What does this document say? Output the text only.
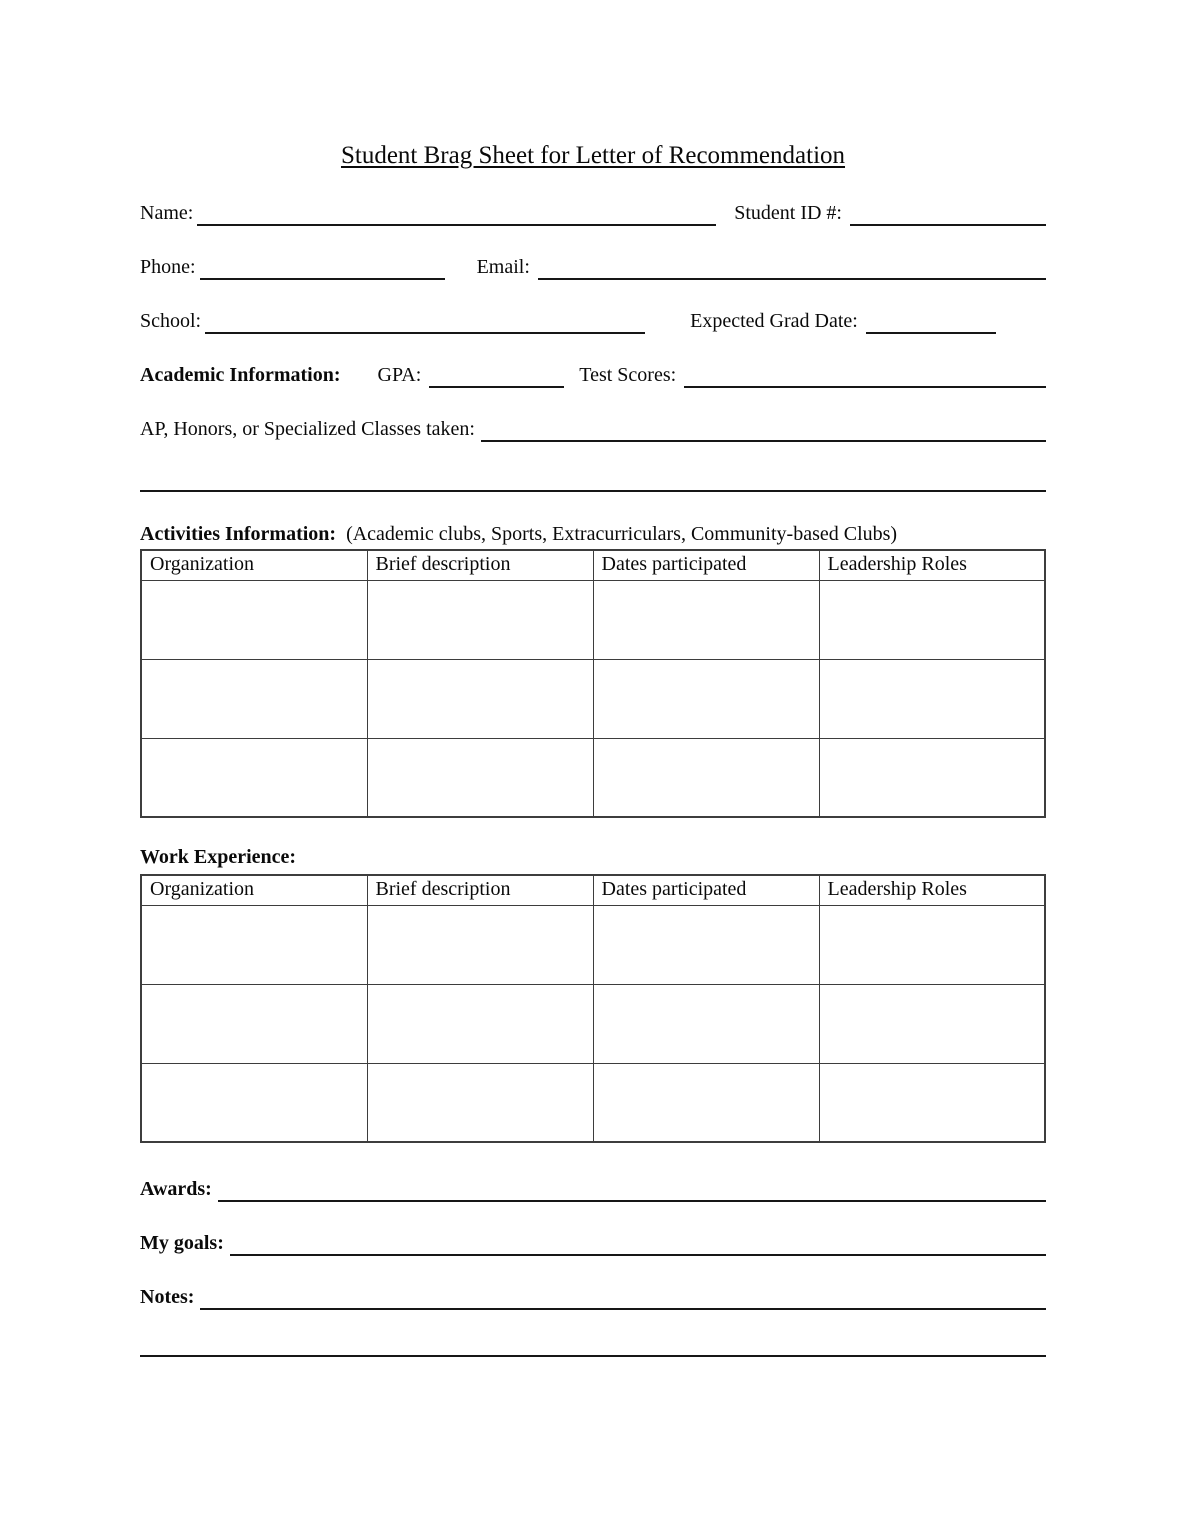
Student Brag Sheet for Letter of Recommendation
Name:	Student ID #:
Phone:	Email:
School:	Expected Grad Date:
Academic Information: GPA:	Test Scores:
AP, Honors, or Specialized Classes taken:
Activities Information: (Academic clubs, Sports, Extracurriculars, Community-based Clubs)
Organization	Brief description	Dates participated	Leadership Roles

Work Experience:
Organization	Brief description	Dates participated	Leadership Roles

Awards:
My goals:
Notes:
